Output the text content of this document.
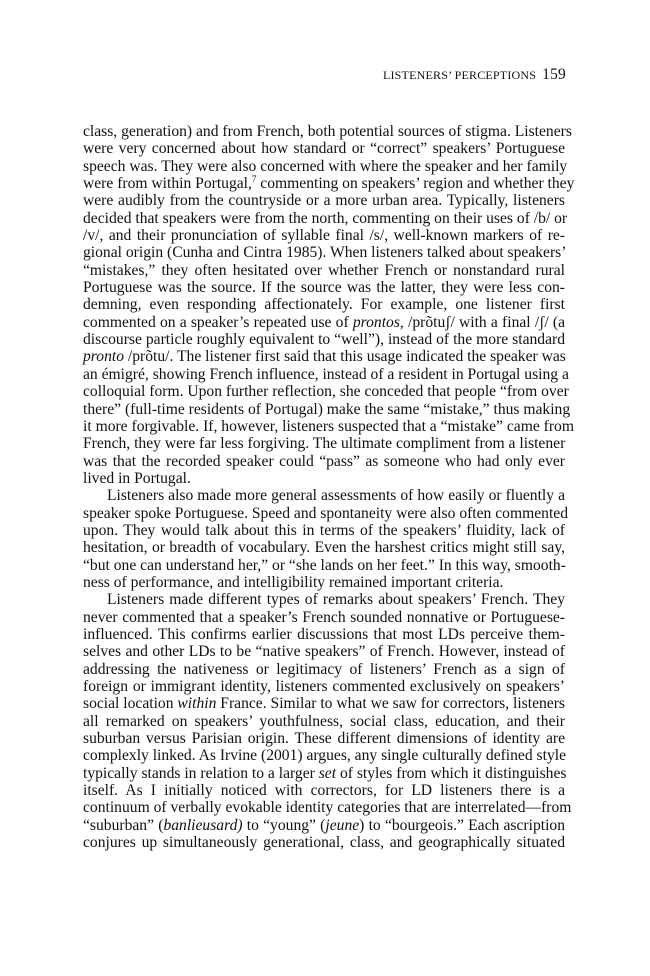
LISTENERS’ PERCEPTIONS 159
class, generation) and from French, both potential sources of stigma. Listeners
were very concerned about how standard or “correct” speakers’ Portuguese
speech was. They were also concerned with where the speaker and her family
were from within Portugal,$^7$ commenting on speakers’ region and whether they
were audibly from the countryside or a more urban area. Typically, listeners
decided that speakers were from the north, commenting on their uses of /b/ or
/v/, and their pronunciation of syllable final /s/, well-known markers of re-
gional origin (Cunha and Cintra 1985). When listeners talked about speakers’
“mistakes,” they often hesitated over whether French or nonstandard rural
Portuguese was the source. If the source was the latter, they were less con-
demning, even responding affectionately. For example, one listener first
commented on a speaker’s repeated use of prontos, /prõtuʃ/ with a final /ʃ/ (a
discourse particle roughly equivalent to “well”), instead of the more standard
pronto /prõtu/. The listener first said that this usage indicated the speaker was
an émigré, showing French influence, instead of a resident in Portugal using a
colloquial form. Upon further reflection, she conceded that people “from over
there” (full-time residents of Portugal) make the same “mistake,” thus making
it more forgivable. If, however, listeners suspected that a “mistake” came from
French, they were far less forgiving. The ultimate compliment from a listener
was that the recorded speaker could “pass” as someone who had only ever
lived in Portugal.
Listeners also made more general assessments of how easily or fluently a
speaker spoke Portuguese. Speed and spontaneity were also often commented
upon. They would talk about this in terms of the speakers’ fluidity, lack of
hesitation, or breadth of vocabulary. Even the harshest critics might still say,
“but one can understand her,” or “she lands on her feet.” In this way, smooth-
ness of performance, and intelligibility remained important criteria.
Listeners made different types of remarks about speakers’ French. They
never commented that a speaker’s French sounded nonnative or Portuguese-
influenced. This confirms earlier discussions that most LDs perceive them-
selves and other LDs to be “native speakers” of French. However, instead of
addressing the nativeness or legitimacy of listeners’ French as a sign of
foreign or immigrant identity, listeners commented exclusively on speakers’
social location within France. Similar to what we saw for correctors, listeners
all remarked on speakers’ youthfulness, social class, education, and their
suburban versus Parisian origin. These different dimensions of identity are
complexly linked. As Irvine (2001) argues, any single culturally defined style
typically stands in relation to a larger set of styles from which it distinguishes
itself. As I initially noticed with correctors, for LD listeners there is a
continuum of verbally evokable identity categories that are interrelated—from
“suburban” (banlieusard) to “young” (jeune) to “bourgeois.” Each ascription
conjures up simultaneously generational, class, and geographically situated
